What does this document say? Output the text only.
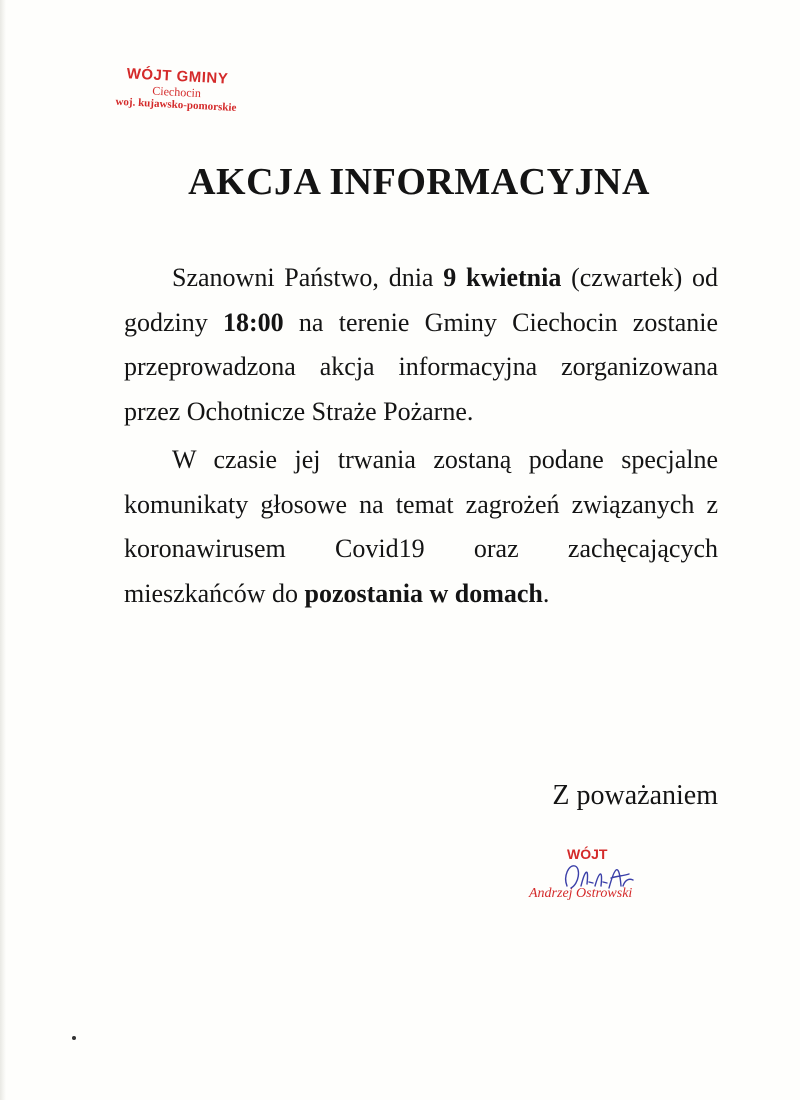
WÓJT GMINY
Ciechocin
woj. kujawsko-pomorskie
AKCJA INFORMACYJNA

Szanowni Państwo, dnia 9 kwietnia (czwartek) od godziny 18:00 na terenie Gminy Ciechocin zostanie przeprowadzona akcja informacyjna zorganizowana przez Ochotnicze Straże Pożarne.

W czasie jej trwania zostaną podane specjalne komunikaty głosowe na temat zagrożeń związanych z koronawirusem Covid19 oraz zachęcających mieszkańców do pozostania w domach.

Z poważaniem

WÓJT
Andrzej Ostrowski
